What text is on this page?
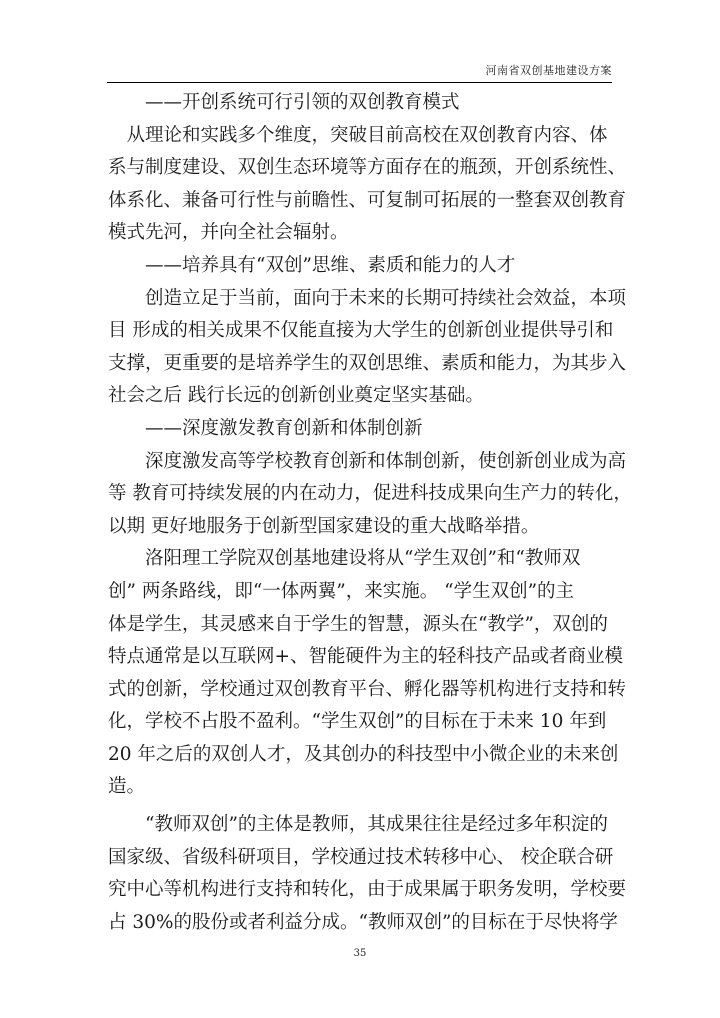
河南省双创基地建设方案
　　——开创系统可行引领的双创教育模式
　从理论和实践多个维度，突破目前高校在双创教育内容、体
系与制度建设、双创生态环境等方面存在的瓶颈，开创系统性、
体系化、兼备可行性与前瞻性、可复制可拓展的一整套双创教育
模式先河，并向全社会辐射。
　　——培养具有“双创”思维、素质和能力的人才
　　创造立足于当前，面向于未来的长期可持续社会效益，本项
目 形成的相关成果不仅能直接为大学生的创新创业提供导引和
支撑，更重要的是培养学生的双创思维、素质和能力，为其步入
社会之后 践行长远的创新创业奠定坚实基础。
　　——深度激发教育创新和体制创新
　　深度激发高等学校教育创新和体制创新，使创新创业成为高
等 教育可持续发展的内在动力，促进科技成果向生产力的转化，
以期 更好地服务于创新型国家建设的重大战略举措。
　　洛阳理工学院双创基地建设将从“学生双创”和“教师双
创” 两条路线，即“一体两翼”，来实施。 “学生双创”的主
体是学生，其灵感来自于学生的智慧，源头在“教学”，双创的
特点通常是以互联网+、智能硬件为主的轻科技产品或者商业模
式的创新，学校通过双创教育平台、孵化器等机构进行支持和转
化，学校不占股不盈利。“学生双创”的目标在于未来 10 年到
20 年之后的双创人才，及其创办的科技型中小微企业的未来创
造。
　　“教师双创”的主体是教师，其成果往往是经过多年积淀的
国家级、省级科研项目，学校通过技术转移中心、 校企联合研
究中心等机构进行支持和转化，由于成果属于职务发明，学校要
占 30%的股份或者利益分成。“教师双创”的目标在于尽快将学
35
